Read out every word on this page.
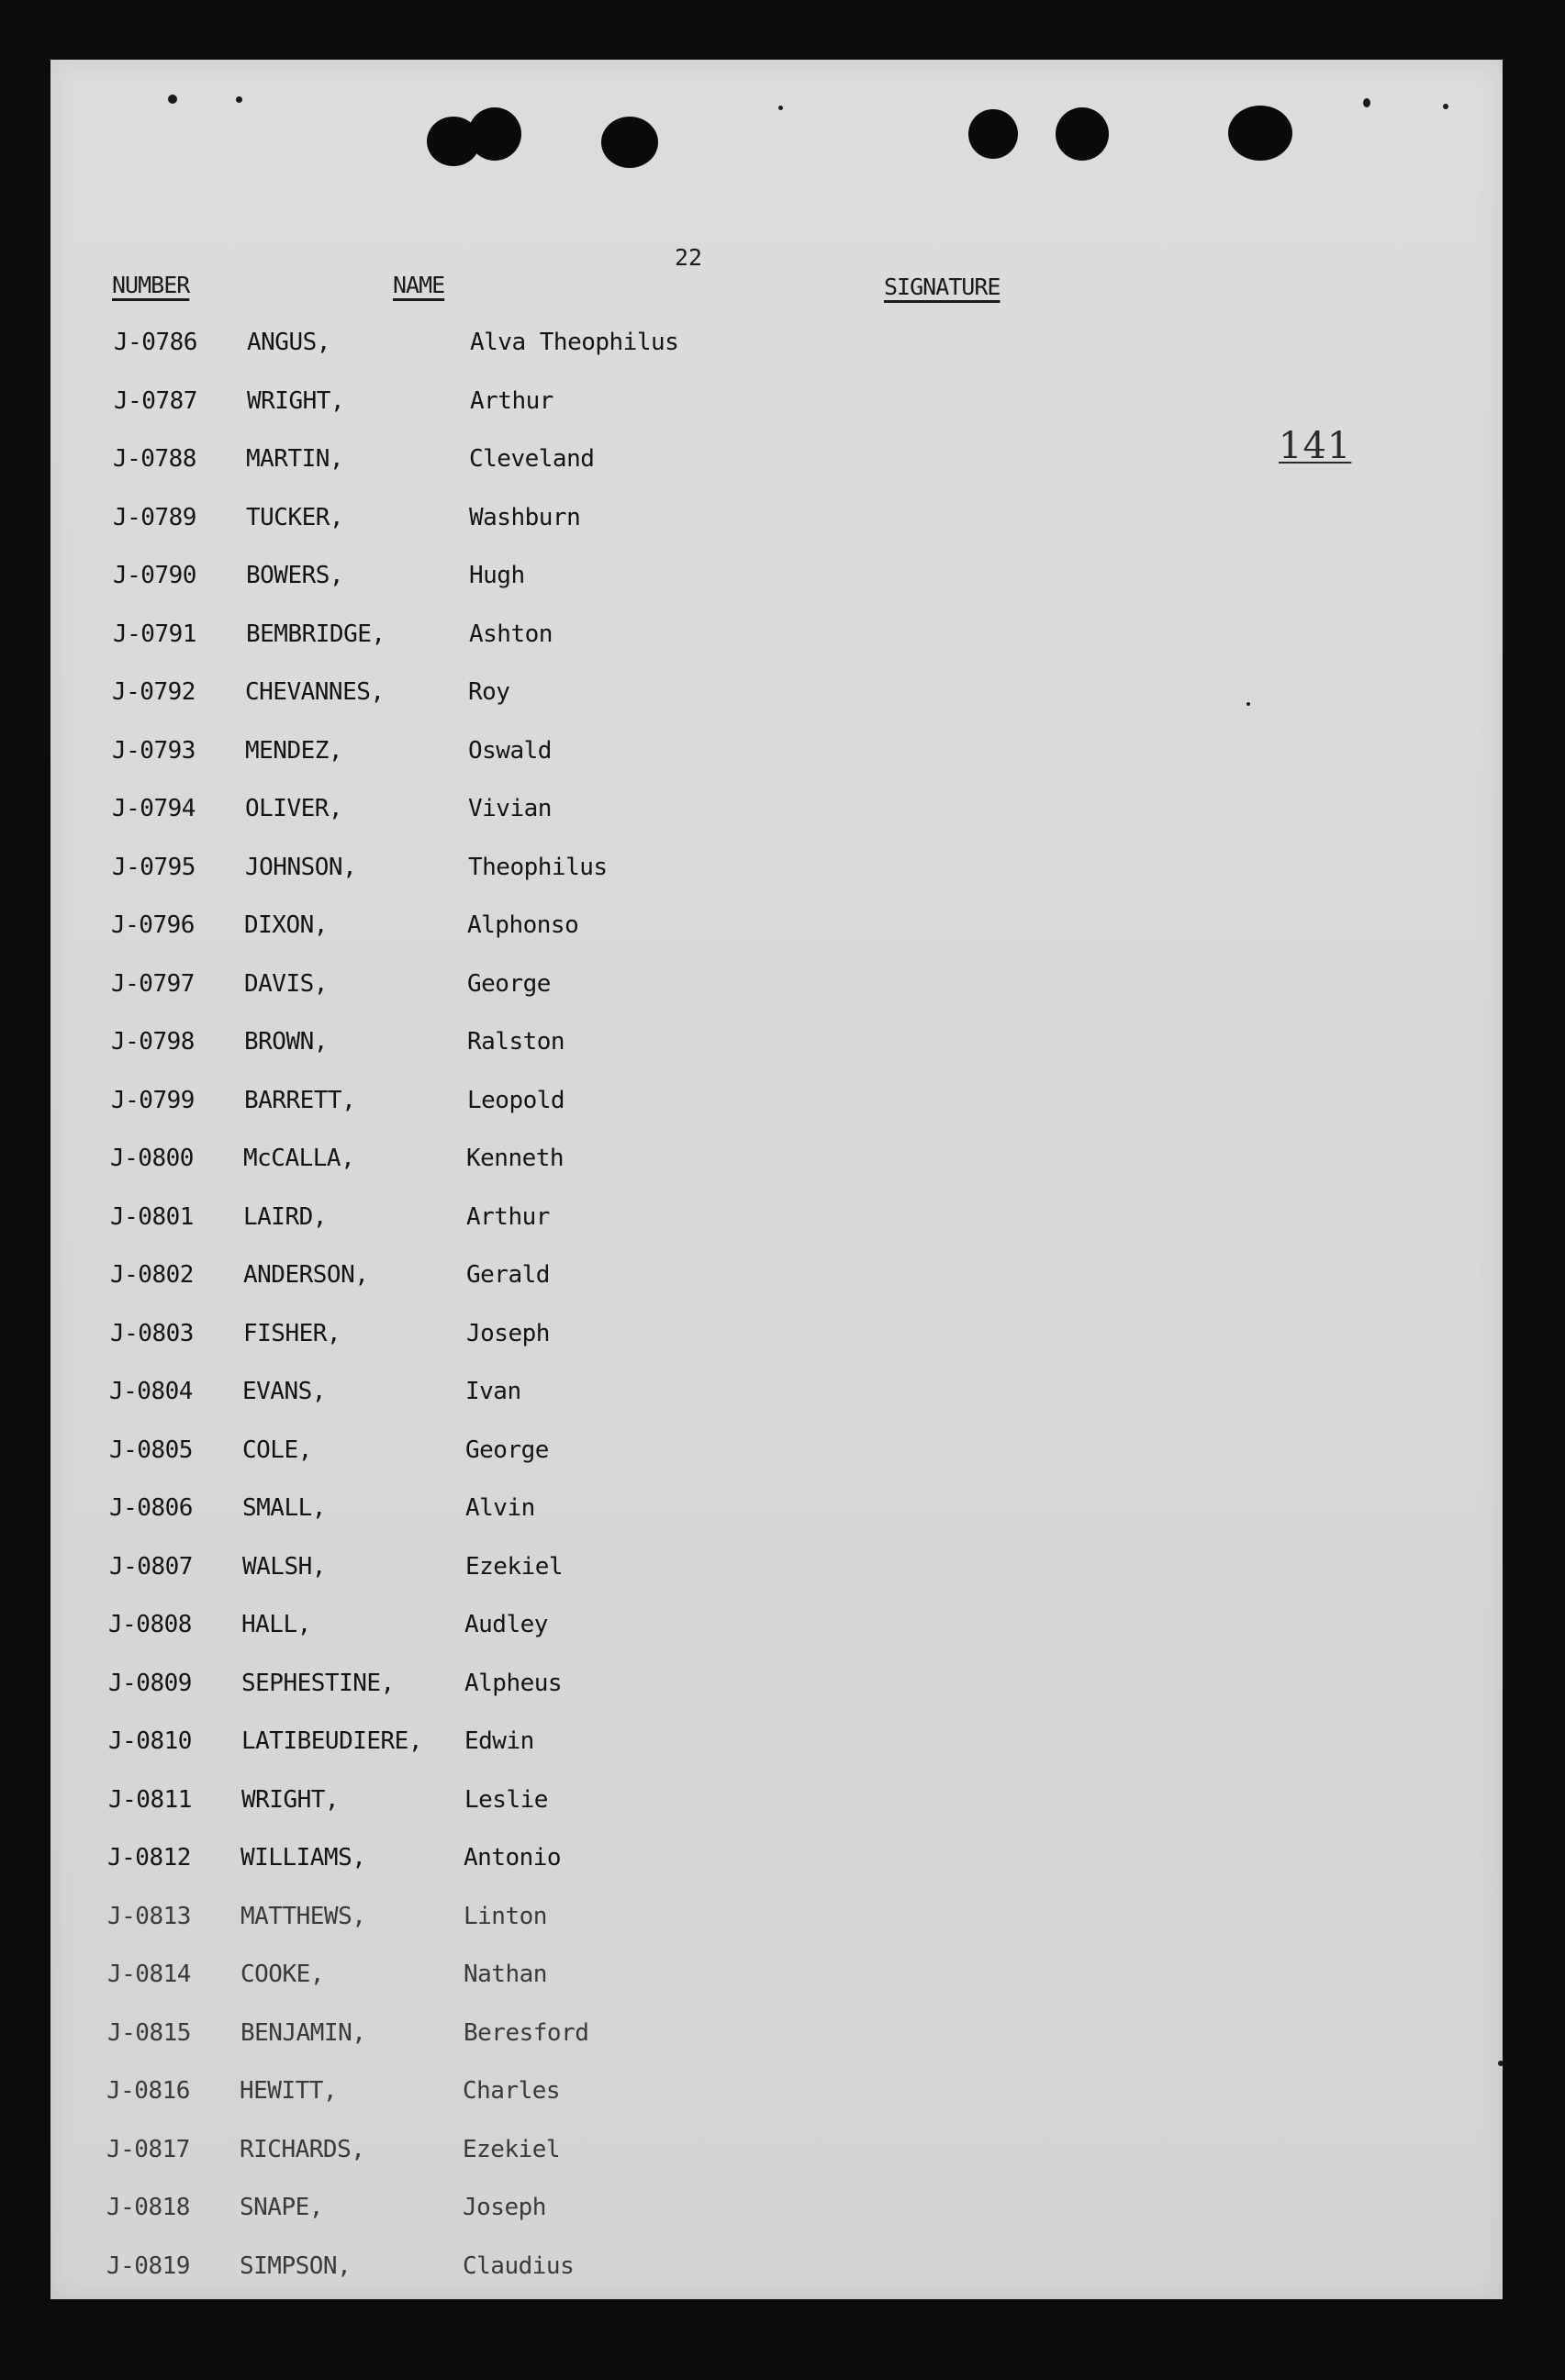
22
NUMBER	NAME	SIGNATURE
141
J-0786 ANGUS,	Alva Theophilus
J-0787 WRIGHT,	Arthur
J-0788 MARTIN,	Cleveland
J-0789 TUCKER,	Washburn
J-0790 BOWERS,	Hugh
J-0791 BEMBRIDGE,	Ashton
J-0792 CHEVANNES,	Roy
J-0793 MENDEZ,	Oswald
J-0794 OLIVER,	Vivian
J-0795 JOHNSON,	Theophilus
J-0796 DIXON,	Alphonso
J-0797 DAVIS,	George
J-0798 BROWN,	Ralston
J-0799 BARRETT,	Leopold
J-0800 McCALLA,	Kenneth
J-0801 LAIRD,	Arthur
J-0802 ANDERSON,	Gerald
J-0803 FISHER,	Joseph
J-0804 EVANS,	Ivan
J-0805 COLE,	George
J-0806 SMALL,	Alvin
J-0807 WALSH,	Ezekiel
J-0808 HALL,	Audley
J-0809 SEPHESTINE,	Alpheus
J-0810 LATIBEUDIERE, Edwin
J-0811 WRIGHT,	Leslie
J-0812 WILLIAMS,	Antonio
J-0813 MATTHEWS,	Linton
J-0814 COOKE,	Nathan
J-0815 BENJAMIN,	Beresford
J-0816 HEWITT,	Charles
J-0817 RICHARDS,	Ezekiel
J-0818 SNAPE,	Joseph
J-0819 SIMPSON,	Claudius
